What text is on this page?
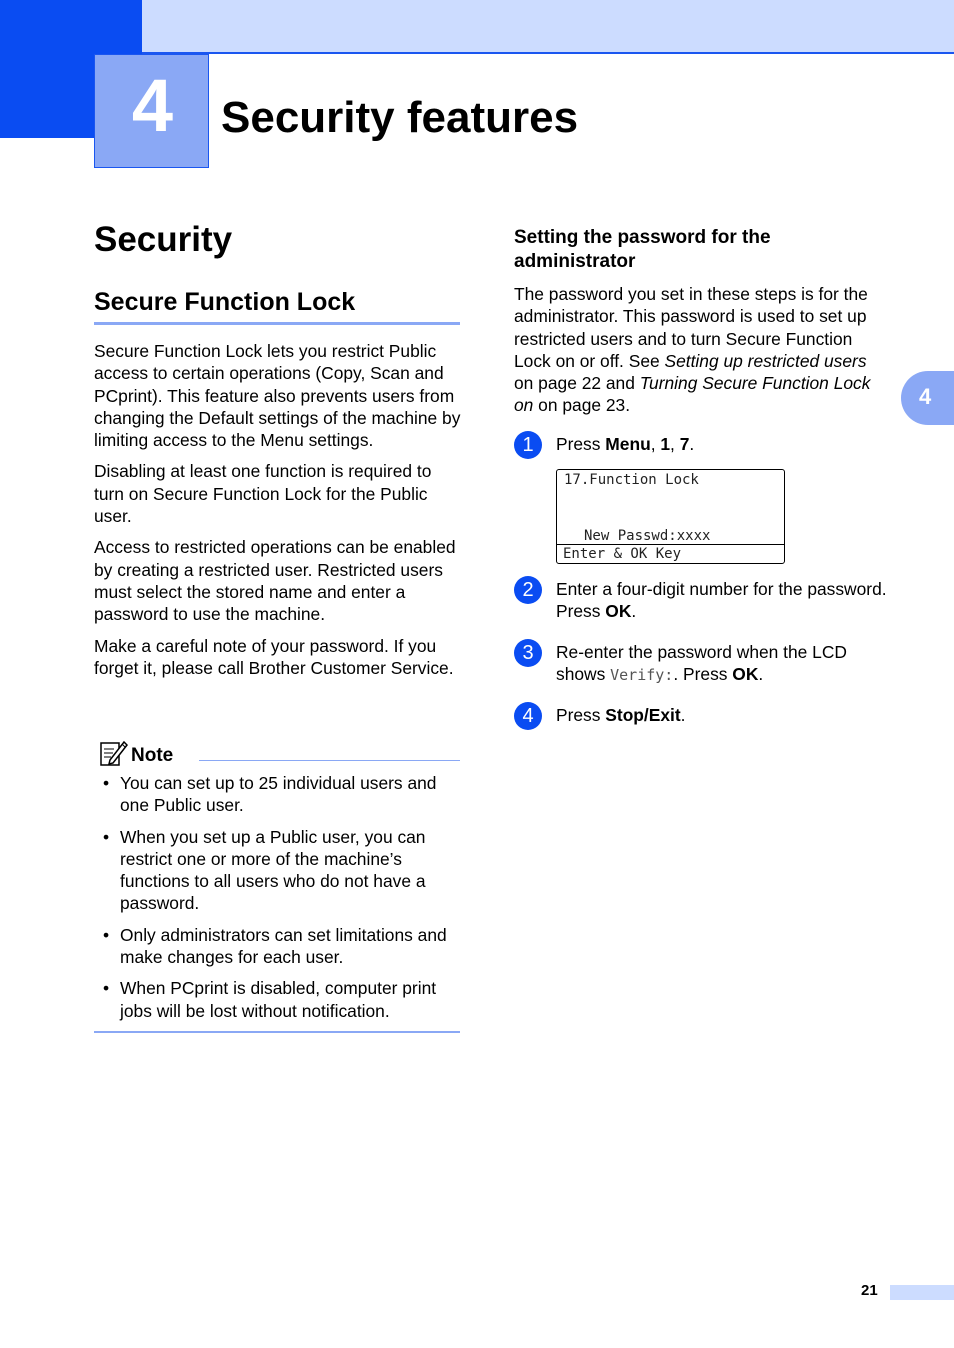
4	Security features
4
Security
Secure Function Lock

Secure Function Lock lets you restrict Public access to certain operations (Copy, Scan and PCprint). This feature also prevents users from changing the Default settings of the machine by limiting access to the Menu settings.

Disabling at least one function is required to turn on Secure Function Lock for the Public user.

Access to restricted operations can be enabled by creating a restricted user. Restricted users must select the stored name and enter a password to use the machine.

Make a careful note of your password. If you forget it, please call Brother Customer Service.

Note
• You can set up to 25 individual users and one Public user.
• When you set up a Public user, you can restrict one or more of the machine’s functions to all users who do not have a password.
• Only administrators can set limitations and make changes for each user.
• When PCprint is disabled, computer print jobs will be lost without notification.
Setting the password for the administrator
The password you set in these steps is for the administrator. This password is used to set up restricted users and to turn Secure Function Lock on or off. See Setting up restricted users on page 22 and Turning Secure Function Lock on on page 23.
1	Press Menu, 1, 7.
17.Function Lock
New Passwd:xxxx
Enter & OK Key
2	Enter a four-digit number for the password. Press OK.
3	Re-enter the password when the LCD shows Verify:. Press OK.
4	Press Stop/Exit.
21
